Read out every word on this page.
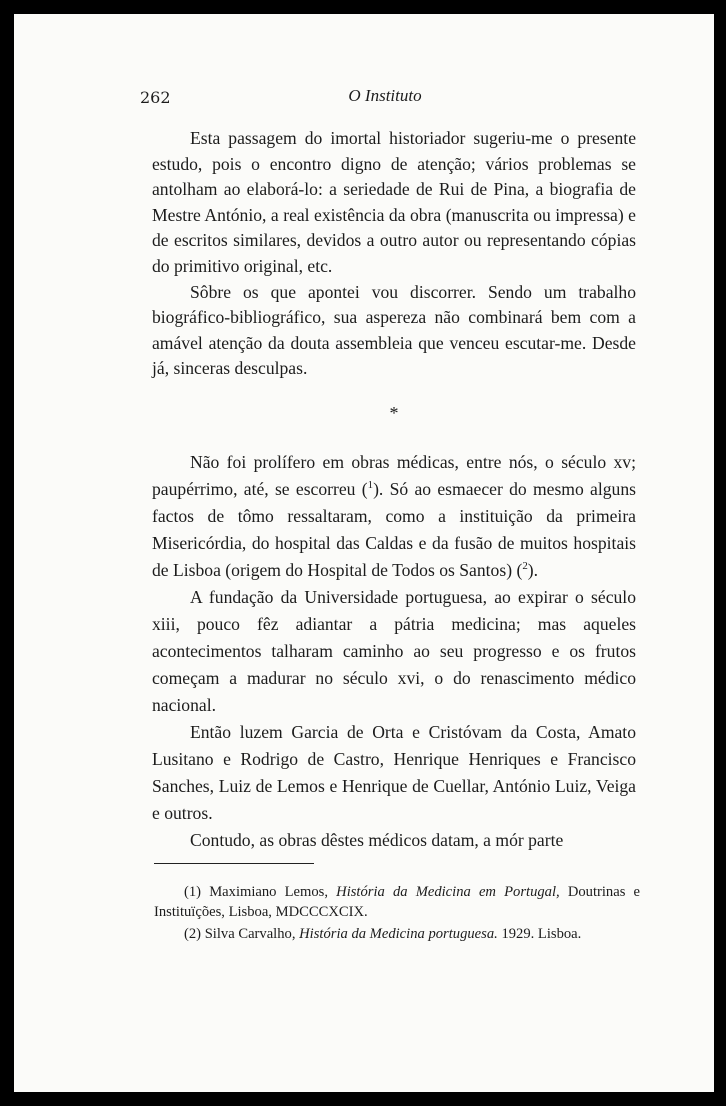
262	O Instituto

Esta passagem do imortal historiador sugeriu-me o presente estudo, pois o encontro digno de atenção; vários problemas se antolham ao elaborá-lo: a seriedade de Rui de Pina, a biografia de Mestre António, a real existência da obra (manuscrita ou impressa) e de escritos similares, devidos a outro autor ou representando cópias do primitivo original, etc.

Sôbre os que apontei vou discorrer. Sendo um trabalho biográfico-bibliográfico, sua aspereza não combinará bem com a amável atenção da douta assembleia que venceu escutar-me. Desde já, sinceras desculpas.

*

Não foi prolífero em obras médicas, entre nós, o século xv; paupérrimo, até, se escorreu ($^1$). Só ao esmaecer do mesmo alguns factos de tômo ressaltaram, como a instituição da primeira Misericórdia, do hospital das Caldas e da fusão de muitos hospitais de Lisboa (origem do Hospital de Todos os Santos) ($^2$).

A fundação da Universidade portuguesa, ao expirar o século xiii, pouco fêz adiantar a pátria medicina; mas aqueles acontecimentos talharam caminho ao seu progresso e os frutos começam a madurar no século xvi, o do renascimento médico nacional.

Então luzem Garcia de Orta e Cristóvam da Costa, Amato Lusitano e Rodrigo de Castro, Henrique Henriques e Francisco Sanches, Luiz de Lemos e Henrique de Cuellar, António Luiz, Veiga e outros.

Contudo, as obras dêstes médicos datam, a mór parte

(1) Maximiano Lemos, História da Medicina em Portugal, Doutrinas e Instituïções, Lisboa, MDCCCXCIX.

(2) Silva Carvalho, História da Medicina portuguesa. 1929. Lisboa.
